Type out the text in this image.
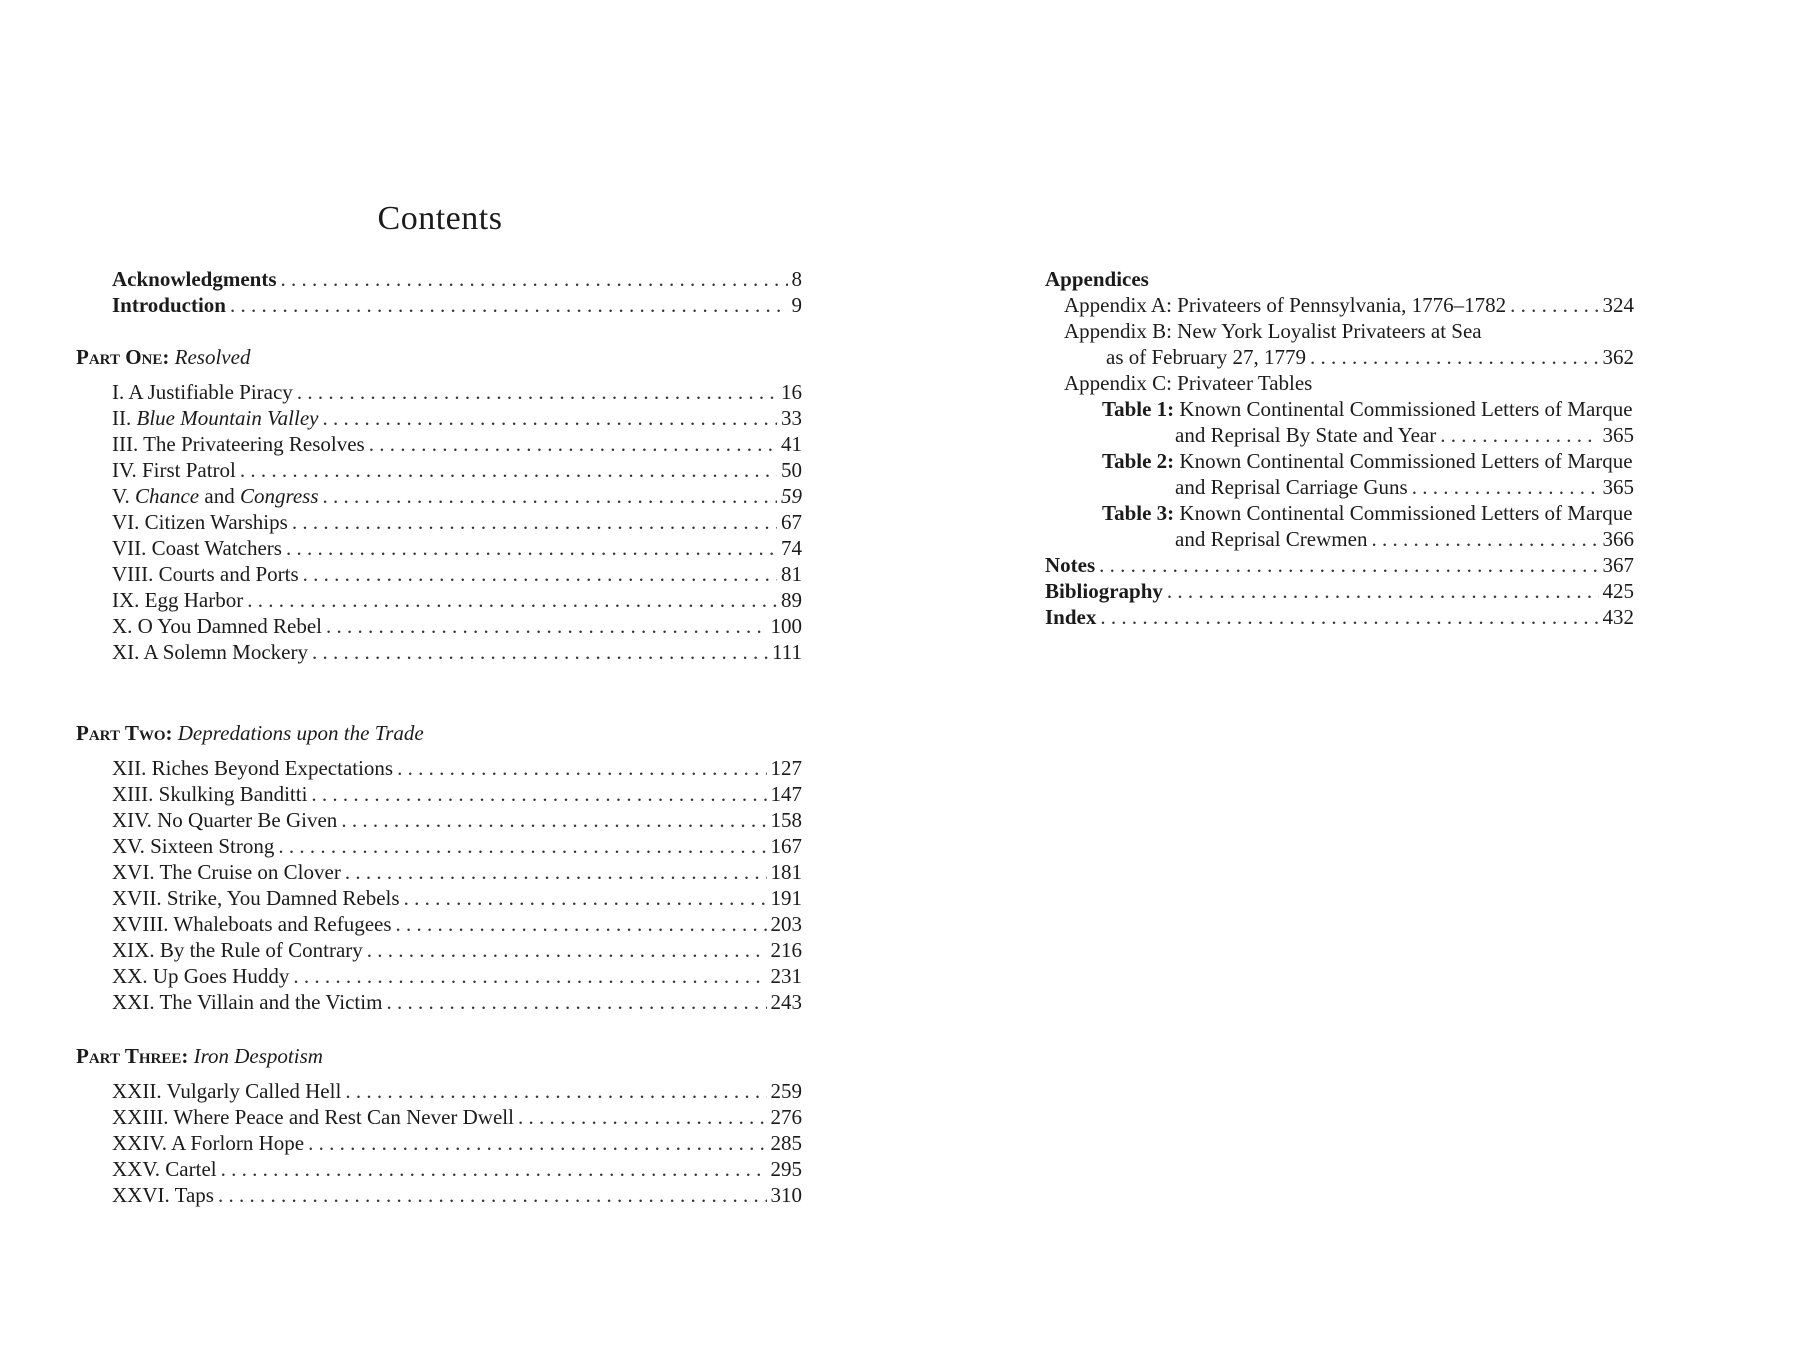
Contents
Acknowledgments . . .	8
Introduction . . .	9
Part One: Resolved
I. A Justifiable Piracy . . .	16
II. Blue Mountain Valley . . .	33
III. The Privateering Resolves . . .	41
IV. First Patrol . . .	50
V. Chance and Congress . . .	59
VI. Citizen Warships . . .	67
VII. Coast Watchers . . .	74
VIII. Courts and Ports . . .	81
IX. Egg Harbor . . .	89
X. O You Damned Rebel . . .	100
XI. A Solemn Mockery . . .	111
Part Two: Depredations upon the Trade
XII. Riches Beyond Expectations . . .	127
XIII. Skulking Banditti . . .	147
XIV. No Quarter Be Given . . .	158
XV. Sixteen Strong . . .	167
XVI. The Cruise on Clover . . .	181
XVII. Strike, You Damned Rebels . . .	191
XVIII. Whaleboats and Refugees . . .	203
XIX. By the Rule of Contrary . . .	216
XX. Up Goes Huddy . . .	231
XXI. The Villain and the Victim . . .	243
Part Three: Iron Despotism
XXII. Vulgarly Called Hell . . .	259
XXIII. Where Peace and Rest Can Never Dwell . . .	276
XXIV. A Forlorn Hope . . .	285
XXV. Cartel . . .	295
XXVI. Taps . . .	310
Appendices
Appendix A: Privateers of Pennsylvania, 1776–1782 . . .	324
Appendix B: New York Loyalist Privateers at Sea
as of February 27, 1779 . . .	362
Appendix C: Privateer Tables
Table 1: Known Continental Commissioned Letters of Marque
and Reprisal By State and Year . . .	365
Table 2: Known Continental Commissioned Letters of Marque
and Reprisal Carriage Guns . . .	365
Table 3: Known Continental Commissioned Letters of Marque
and Reprisal Crewmen . . .	366
Notes . . .	367
Bibliography . . .	425
Index . . .	432
